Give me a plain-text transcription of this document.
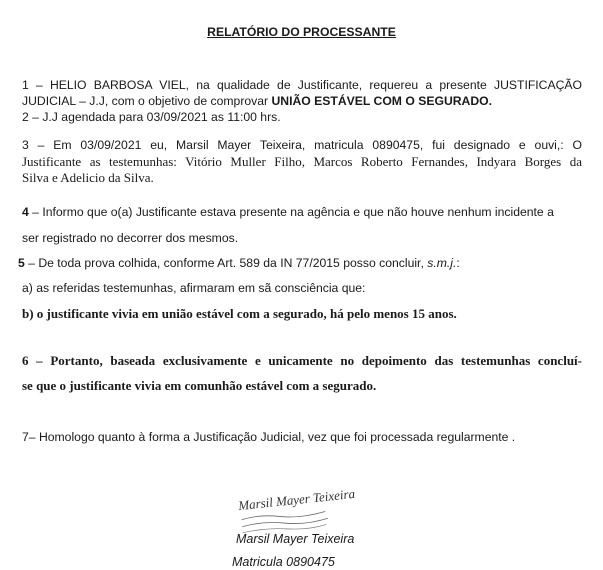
RELATÓRIO DO PROCESSANTE
1 – HELIO BARBOSA VIEL, na qualidade de Justificante, requereu a presente JUSTIFICAÇÃO
JUDICIAL – J.J, com o objetivo de comprovar UNIÃO ESTÁVEL COM O SEGURADO.
2 – J.J agendada para 03/09/2021 as 11:00 hrs.
3 – Em 03/09/2021 eu, Marsil Mayer Teixeira, matricula 0890475, fui designado e ouvi,: O
Justificante as testemunhas: Vitório Muller Filho, Marcos Roberto Fernandes, Indyara Borges da
Silva e Adelicio da Silva.
4 – Informo que o(a) Justificante estava presente na agência e que não houve nenhum incidente a
ser registrado no decorrer dos mesmos.
5 – De toda prova colhida, conforme Art. 589 da IN 77/2015 posso concluir, s.m.j.:
a) as referidas testemunhas, afirmaram em sã consciência que:
b) o justificante vivia em união estável com a segurado, há pelo menos 15 anos.
6 – Portanto, baseada exclusivamente e unicamente no depoimento das testemunhas concluí-
se que o justificante vivia em comunhão estável com a segurado.
7– Homologo quanto à forma a Justificação Judicial, vez que foi processada regularmente .
Marsil Mayer Teixeira
Marsil Mayer Teixeira
Matricula 0890475
